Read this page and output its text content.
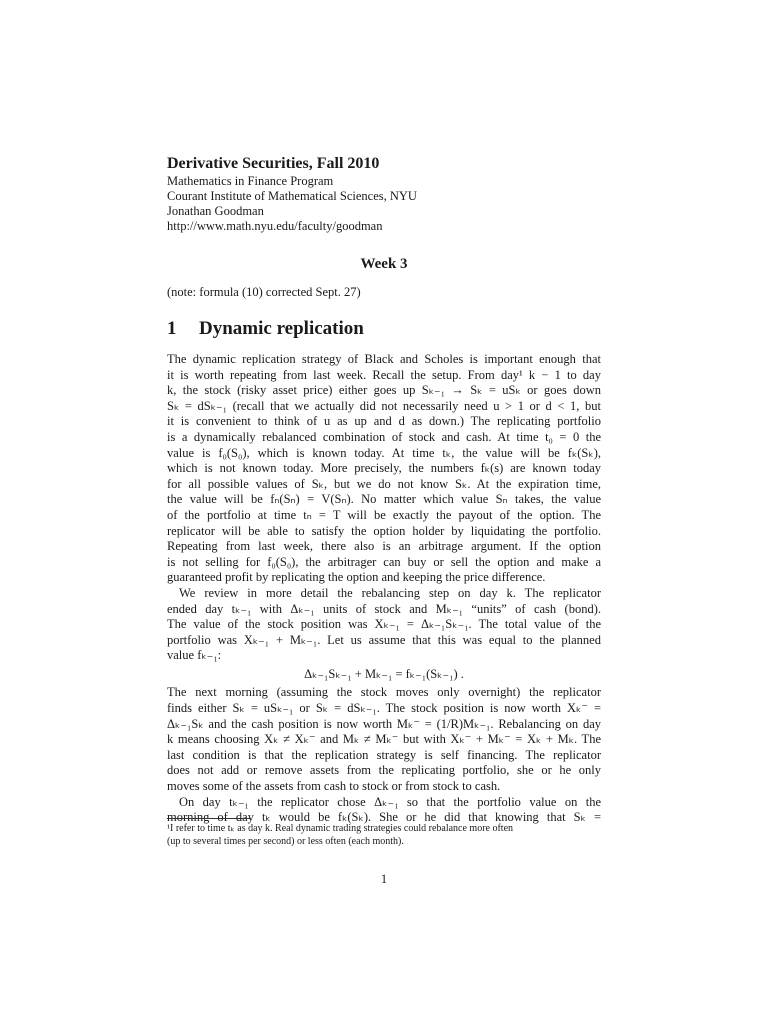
Derivative Securities, Fall 2010
Mathematics in Finance Program
Courant Institute of Mathematical Sciences, NYU
Jonathan Goodman
http://www.math.nyu.edu/faculty/goodman
Week 3
(note: formula (10) corrected Sept. 27)
1 Dynamic replication
The dynamic replication strategy of Black and Scholes is important enough that
it is worth repeating from last week. Recall the setup. From day¹ k − 1 to day
k, the stock (risky asset price) either goes up Sₖ₋₁ → Sₖ = uSₖ or goes down
Sₖ = dSₖ₋₁ (recall that we actually did not necessarily need u > 1 or d < 1, but
it is convenient to think of u as up and d as down.) The replicating portfolio
is a dynamically rebalanced combination of stock and cash. At time t₀ = 0 the
value is f₀(S₀), which is known today. At time tₖ, the value will be fₖ(Sₖ),
which is not known today. More precisely, the numbers fₖ(s) are known today
for all possible values of Sₖ, but we do not know Sₖ. At the expiration time,
the value will be fₙ(Sₙ) = V(Sₙ). No matter which value Sₙ takes, the value
of the portfolio at time tₙ = T will be exactly the payout of the option. The
replicator will be able to satisfy the option holder by liquidating the portfolio.
Repeating from last week, there also is an arbitrage argument. If the option
is not selling for f₀(S₀), the arbitrager can buy or sell the option and make a
guaranteed profit by replicating the option and keeping the price difference.
We review in more detail the rebalancing step on day k. The replicator
ended day tₖ₋₁ with Δₖ₋₁ units of stock and Mₖ₋₁ “units” of cash (bond).
The value of the stock position was Xₖ₋₁ = Δₖ₋₁Sₖ₋₁. The total value of the
portfolio was Xₖ₋₁ + Mₖ₋₁. Let us assume that this was equal to the planned
value fₖ₋₁:
Δₖ₋₁Sₖ₋₁ + Mₖ₋₁ = fₖ₋₁(Sₖ₋₁) .
The next morning (assuming the stock moves only overnight) the replicator
finds either Sₖ = uSₖ₋₁ or Sₖ = dSₖ₋₁. The stock position is now worth Xₖ⁻ =
Δₖ₋₁Sₖ and the cash position is now worth Mₖ⁻ = (1/R)Mₖ₋₁. Rebalancing on day
k means choosing Xₖ ≠ Xₖ⁻ and Mₖ ≠ Mₖ⁻ but with Xₖ⁻ + Mₖ⁻ = Xₖ + Mₖ. The
last condition is that the replication strategy is self financing. The replicator
does not add or remove assets from the replicating portfolio, she or he only
moves some of the assets from cash to stock or from stock to cash.
On day tₖ₋₁ the replicator chose Δₖ₋₁ so that the portfolio value on the
morning of day tₖ would be fₖ(Sₖ). She or he did that knowing that Sₖ =
¹I refer to time tₖ as day k. Real dynamic trading strategies could rebalance more often
(up to several times per second) or less often (each month).
1
